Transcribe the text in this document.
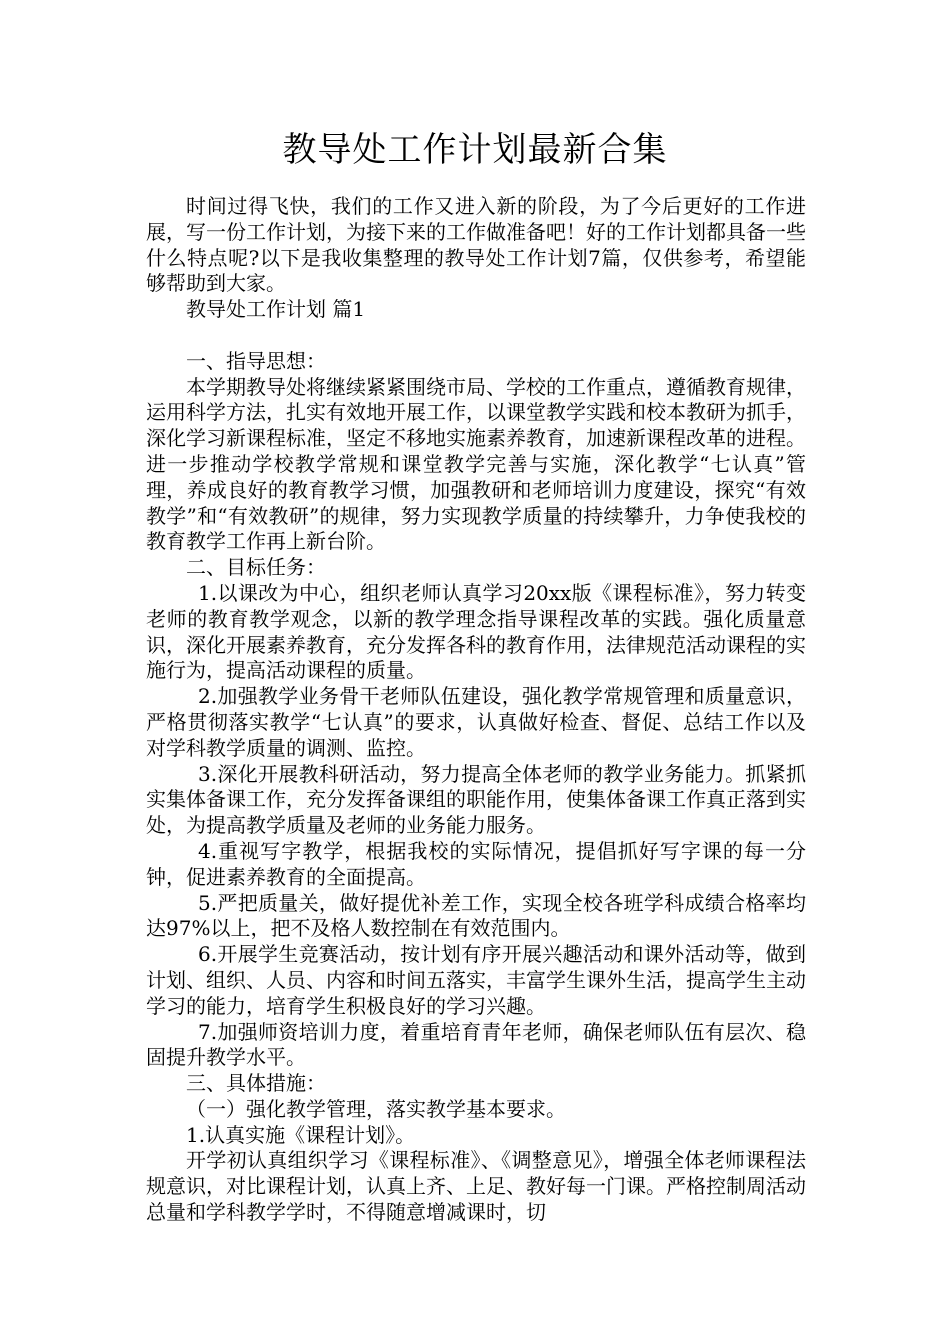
教导处工作计划最新合集

时间过得飞快，我们的工作又进入新的阶段，为了今后更好的工作进展，写一份工作计划，为接下来的工作做准备吧！好的工作计划都具备一些什么特点呢?以下是我收集整理的教导处工作计划7篇，仅供参考，希望能够帮助到大家。

教导处工作计划 篇1

一、指导思想：

本学期教导处将继续紧紧围绕市局、学校的工作重点，遵循教育规律，运用科学方法，扎实有效地开展工作，以课堂教学实践和校本教研为抓手，深化学习新课程标准，坚定不移地实施素养教育，加速新课程改革的进程。进一步推动学校教学常规和课堂教学完善与实施，深化教学“七认真”管理，养成良好的教育教学习惯，加强教研和老师培训力度建设，探究“有效教学”和“有效教研”的规律，努力实现教学质量的持续攀升，力争使我校的教育教学工作再上新台阶。

二、目标任务：

1.以课改为中心，组织老师认真学习20xx版《课程标准》，努力转变老师的教育教学观念，以新的教学理念指导课程改革的实践。强化质量意识，深化开展素养教育，充分发挥各科的教育作用，法律规范活动课程的实施行为，提高活动课程的质量。

2.加强教学业务骨干老师队伍建设，强化教学常规管理和质量意识，严格贯彻落实教学“七认真”的要求，认真做好检查、督促、总结工作以及对学科教学质量的调测、监控。

3.深化开展教科研活动，努力提高全体老师的教学业务能力。抓紧抓实集体备课工作，充分发挥备课组的职能作用，使集体备课工作真正落到实处，为提高教学质量及老师的业务能力服务。

4.重视写字教学，根据我校的实际情况，提倡抓好写字课的每一分钟，促进素养教育的全面提高。

5.严把质量关，做好提优补差工作，实现全校各班学科成绩合格率均达97%以上，把不及格人数控制在有效范围内。

6.开展学生竞赛活动，按计划有序开展兴趣活动和课外活动等，做到计划、组织、人员、内容和时间五落实，丰富学生课外生活，提高学生主动学习的能力，培育学生积极良好的学习兴趣。

7.加强师资培训力度，着重培育青年老师，确保老师队伍有层次、稳固提升教学水平。

三、具体措施：

（一）强化教学管理，落实教学基本要求。

1.认真实施《课程计划》。

开学初认真组织学习《课程标准》、《调整意见》，增强全体老师课程法规意识，对比课程计划，认真上齐、上足、教好每一门课。严格控制周活动总量和学科教学学时，不得随意增减课时，切
